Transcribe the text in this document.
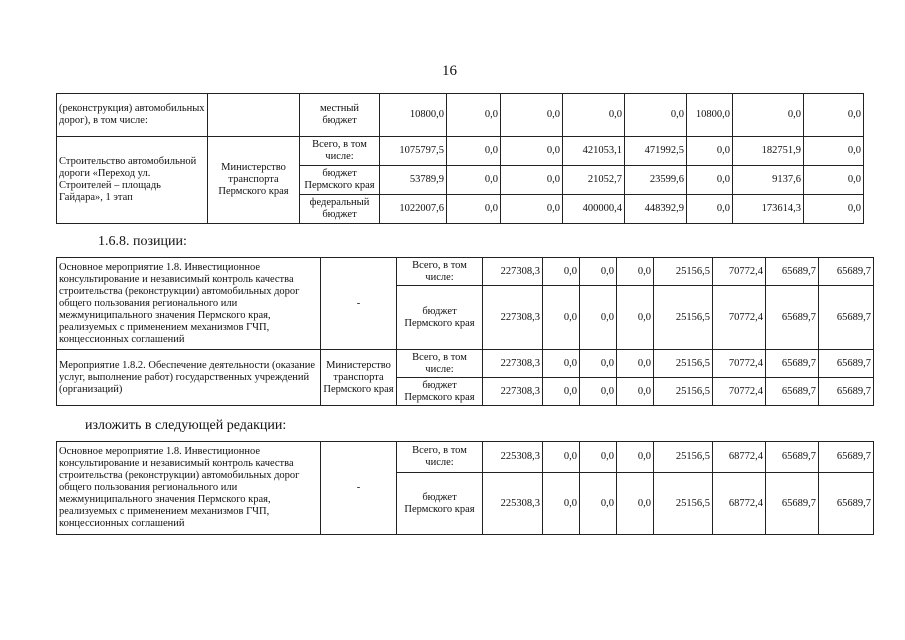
16
(реконструкция) автомобильных дорог), в том числе:		местный бюджет	10800,0	0,0	0,0	0,0	0,0	10800,0	0,0	0,0
Строительство автомобильной дороги «Переход ул. Строителей – площадь Гайдара», 1 этап	Министерство транспорта Пермского края	Всего, в том числе:	1075797,5	0,0	0,0	421053,1	471992,5	0,0	182751,9	0,0
		бюджет Пермского края	53789,9	0,0	0,0	21052,7	23599,6	0,0	9137,6	0,0
		федеральный бюджет	1022007,6	0,0	0,0	400000,4	448392,9	0,0	173614,3	0,0
1.6.8. позиции:
Основное мероприятие 1.8. Инвестиционное консультирование и независимый контроль качества строительства (реконструкции) автомобильных дорог общего пользования регионального или межмуниципального значения Пермского края, реализуемых с применением механизмов ГЧП, концессионных соглашений	-	Всего, в том числе:	227308,3	0,0	0,0	0,0	25156,5	70772,4	65689,7	65689,7
		бюджет Пермского края	227308,3	0,0	0,0	0,0	25156,5	70772,4	65689,7	65689,7
Мероприятие 1.8.2. Обеспечение деятельности (оказание услуг, выполнение работ) государственных учреждений (организаций)	Министерство транспорта Пермского края	Всего, в том числе:	227308,3	0,0	0,0	0,0	25156,5	70772,4	65689,7	65689,7
		бюджет Пермского края	227308,3	0,0	0,0	0,0	25156,5	70772,4	65689,7	65689,7
изложить в следующей редакции:
Основное мероприятие 1.8. Инвестиционное консультирование и независимый контроль качества строительства (реконструкции) автомобильных дорог общего пользования регионального или межмуниципального значения Пермского края, реализуемых с применением механизмов ГЧП, концессионных соглашений	-	Всего, в том числе:	225308,3	0,0	0,0	0,0	25156,5	68772,4	65689,7	65689,7
		бюджет Пермского края	225308,3	0,0	0,0	0,0	25156,5	68772,4	65689,7	65689,7
